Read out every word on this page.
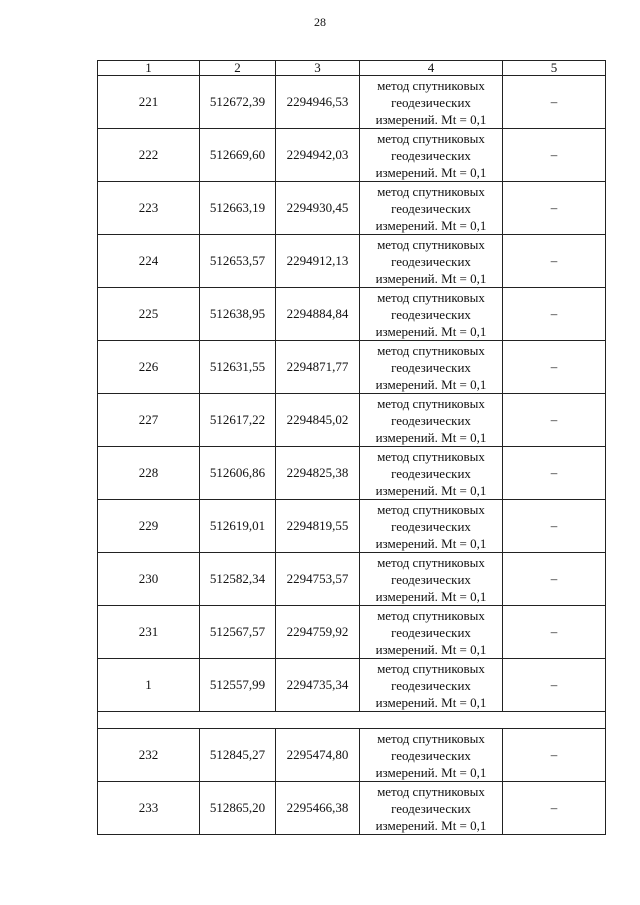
28
1	2	3	4	5
221	512672,39	2294946,53	метод спутниковых
геодезических
измерений. Mt = 0,1	–
222	512669,60	2294942,03	метод спутниковых
геодезических
измерений. Mt = 0,1	–
223	512663,19	2294930,45	метод спутниковых
геодезических
измерений. Mt = 0,1	–
224	512653,57	2294912,13	метод спутниковых
геодезических
измерений. Mt = 0,1	–
225	512638,95	2294884,84	метод спутниковых
геодезических
измерений. Mt = 0,1	–
226	512631,55	2294871,77	метод спутниковых
геодезических
измерений. Mt = 0,1	–
227	512617,22	2294845,02	метод спутниковых
геодезических
измерений. Mt = 0,1	–
228	512606,86	2294825,38	метод спутниковых
геодезических
измерений. Mt = 0,1	–
229	512619,01	2294819,55	метод спутниковых
геодезических
измерений. Mt = 0,1	–
230	512582,34	2294753,57	метод спутниковых
геодезических
измерений. Mt = 0,1	–
231	512567,57	2294759,92	метод спутниковых
геодезических
измерений. Mt = 0,1	–
1	512557,99	2294735,34	метод спутниковых
геодезических
измерений. Mt = 0,1	–

232	512845,27	2295474,80	метод спутниковых
геодезических
измерений. Mt = 0,1	–
233	512865,20	2295466,38	метод спутниковых
геодезических
измерений. Mt = 0,1	–
